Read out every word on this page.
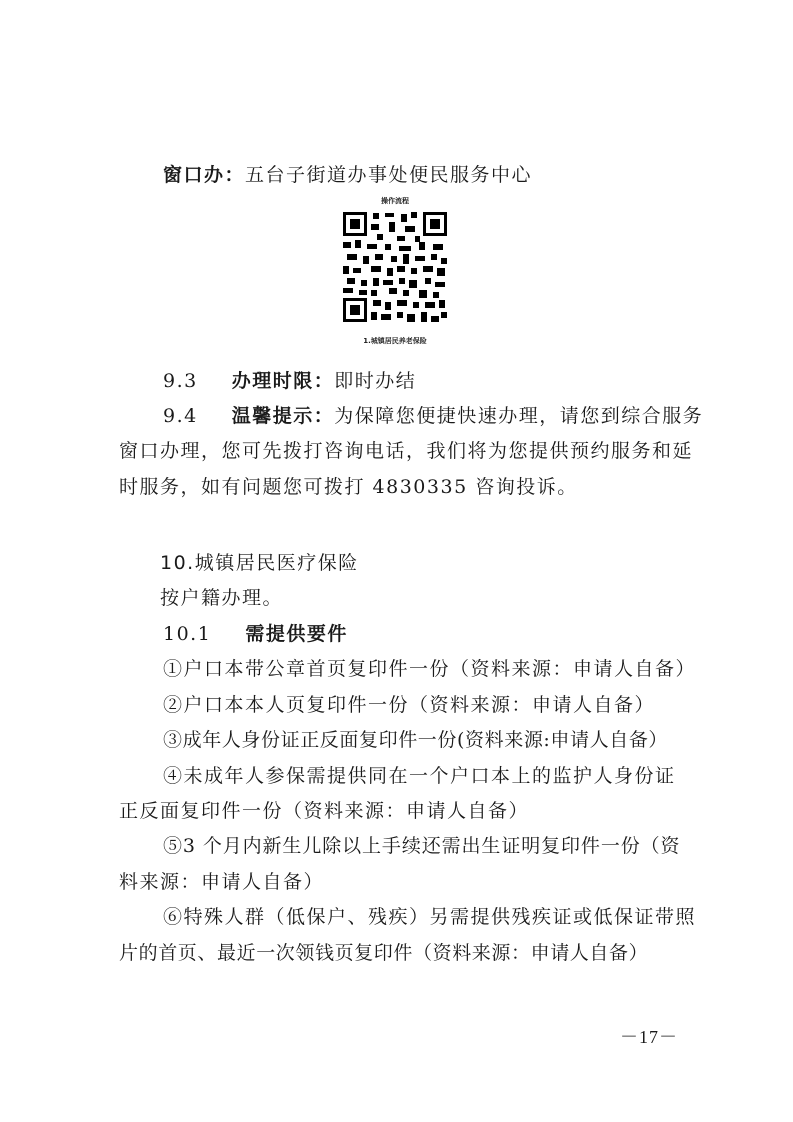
窗口办：五台子街道办事处便民服务中心
操作流程
1.城镇居民养老保险
9.3 办理时限：即时办结
9.4 温馨提示：为保障您便捷快速办理，请您到综合服务
窗口办理，您可先拨打咨询电话，我们将为您提供预约服务和延
时服务，如有问题您可拨打 4830335 咨询投诉。
10.城镇居民医疗保险
按户籍办理。
10.1 需提供要件
①户口本带公章首页复印件一份（资料来源：申请人自备）
②户口本本人页复印件一份（资料来源：申请人自备）
③成年人身份证正反面复印件一份(资料来源:申请人自备）
④未成年人参保需提供同在一个户口本上的监护人身份证
正反面复印件一份（资料来源：申请人自备）
⑤3 个月内新生儿除以上手续还需出生证明复印件一份（资
料来源：申请人自备）
⑥特殊人群（低保户、残疾）另需提供残疾证或低保证带照
片的首页、最近一次领钱页复印件（资料来源：申请人自备）
－17－
